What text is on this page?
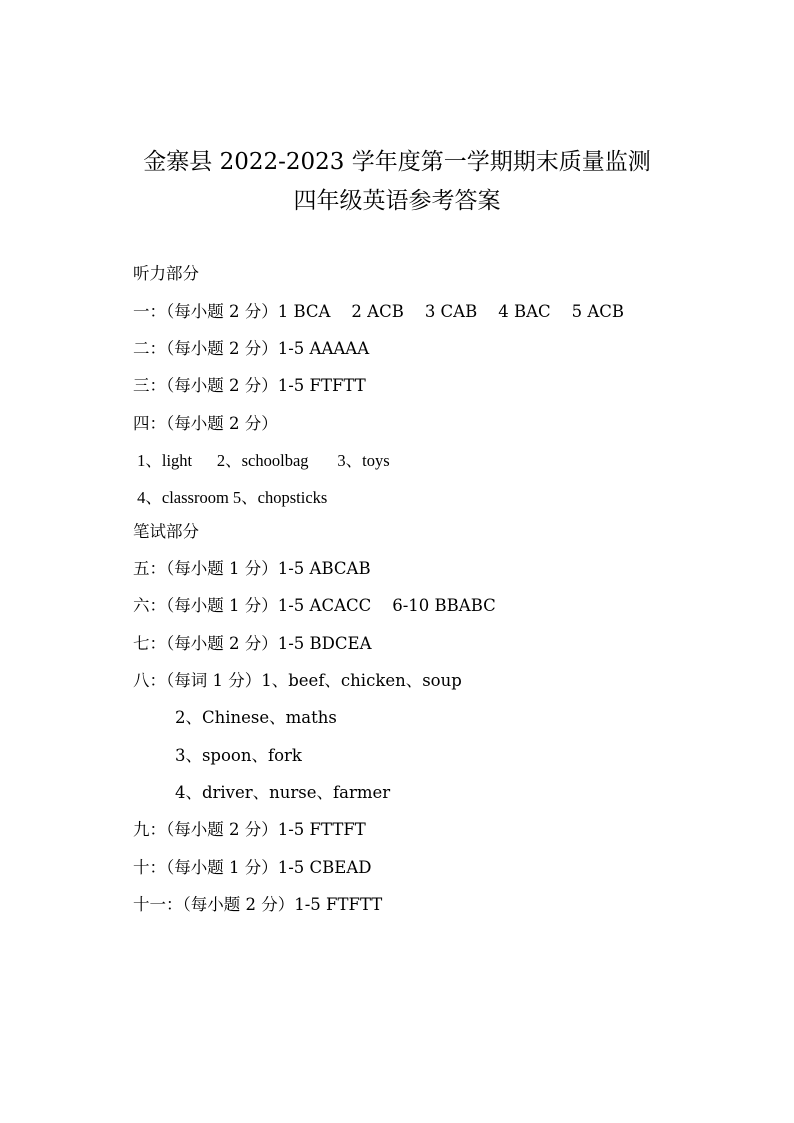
金寨县 2022-2023 学年度第一学期期末质量监测
四年级英语参考答案
听力部分
一：（每小题 2 分）1 BCA    2 ACB    3 CAB    4 BAC    5 ACB
二：（每小题 2 分）1-5 AAAAA
三：（每小题 2 分）1-5 FTFTT
四：（每小题 2 分）
1、light      2、schoolbag       3、toys
4、classroom 5、chopsticks
笔试部分
五：（每小题 1 分）1-5 ABCAB
六：（每小题 1 分）1-5 ACACC    6-10 BBABC
七：（每小题 2 分）1-5 BDCEA
八：（每词 1 分）1、beef、chicken、soup
2、Chinese、maths
3、spoon、fork
4、driver、nurse、farmer
九：（每小题 2 分）1-5 FTTFT
十：（每小题 1 分）1-5 CBEAD
十一：（每小题 2 分）1-5 FTFTT
